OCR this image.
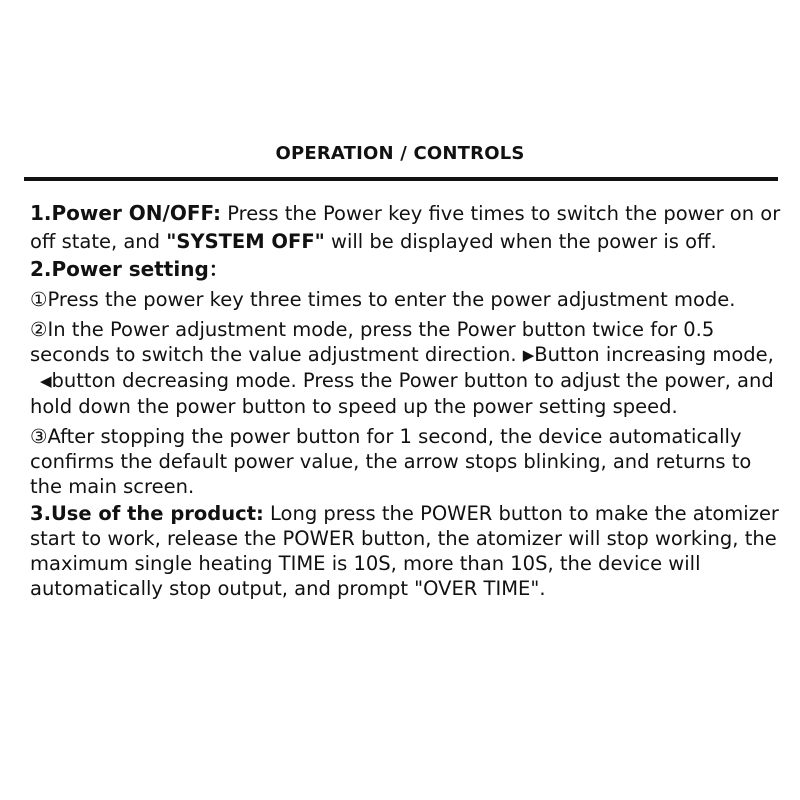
OPERATION / CONTROLS

1.Power ON/OFF: Press the Power key five times to switch the power on or off state, and "SYSTEM OFF" will be displayed when the power is off.

2.Power setting：

①Press the power key three times to enter the power adjustment mode.

②In the Power adjustment mode, press the Power button twice for 0.5 seconds to switch the value adjustment direction. ▶Button increasing mode, ◀button decreasing mode. Press the Power button to adjust the power, and hold down the power button to speed up the power setting speed.

③After stopping the power button for 1 second, the device automatically confirms the default power value, the arrow stops blinking, and returns to the main screen.

3.Use of the product: Long press the POWER button to make the atomizer start to work, release the POWER button, the atomizer will stop working, the maximum single heating TIME is 10S, more than 10S, the device will automatically stop output, and prompt "OVER TIME".
